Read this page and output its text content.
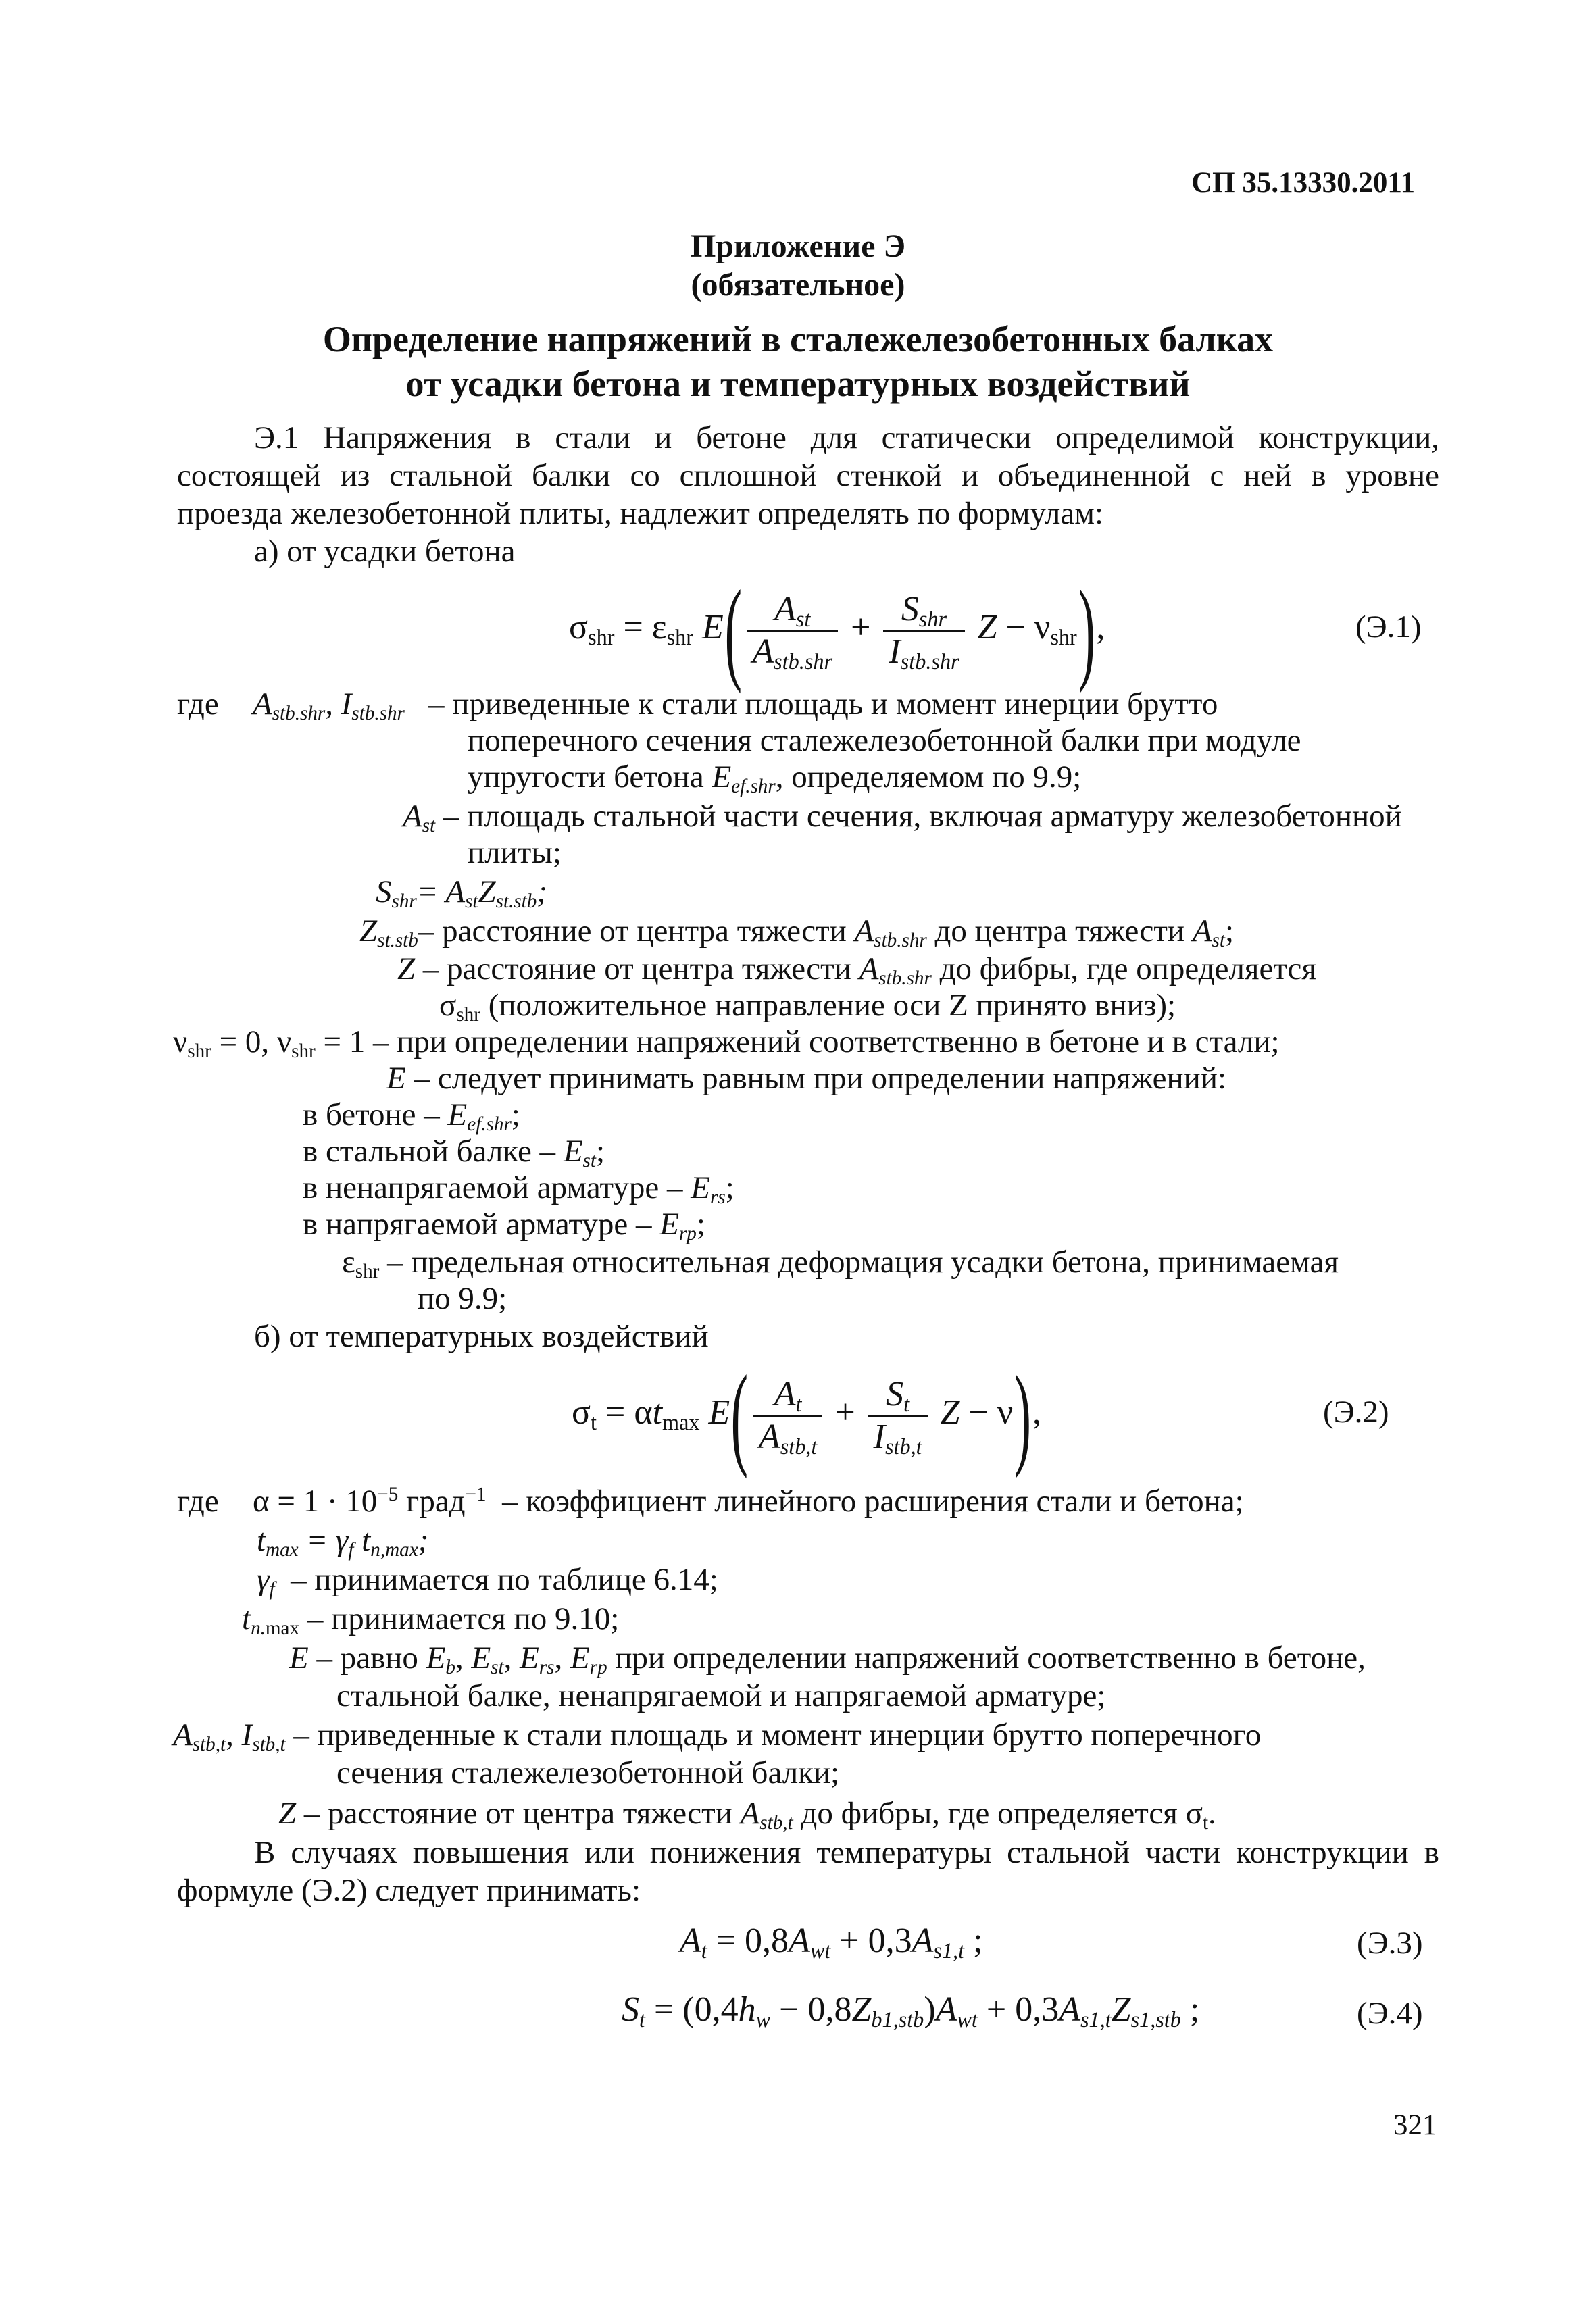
СП 35.13330.2011
Приложение Э
(обязательное)
Определение напряжений в сталежелезобетонных балках
от усадки бетона и температурных воздействий
Э.1 Напряжения в стали и бетоне для статически определимой конструкции,
состоящей из стальной балки со сплошной стенкой и объединенной с ней в уровне
проезда железобетонной плиты, надлежит определять по формулам:
а) от усадки бетона
$\sigma_{shr} = \varepsilon_{shr}$ $E( \frac{A_{st}}{A_{stb.shr}} + \frac{S_{shr}}{I_{stb.shr}}$ $Z - \nu_{shr}$),	(Э.1)
где $A_{stb.shr}$, $I_{stb.shr}$ – приведенные к стали площадь и момент инерции брутто
поперечного сечения сталежелезобетонной балки при модуле
упругости бетона $E_{ef.shr}$, определяемом по 9.9;
$A_{st}$ – площадь стальной части сечения, включая арматуру железобетонной
плиты;
$S_{shr}= A_{st}Z_{st.stb}$;
$Z_{st.stb}-$ расстояние от центра тяжести $A_{stb.shr}$ до центра тяжести $A_{st}$;
Z – расстояние от центра тяжести $A_{stb.shr}$ до фибры, где определяется
$\sigma_{shr}$ (положительное направление оси Z принято вниз);
$\nu_{shr} = 0$, $\nu_{shr} = 1$ – при определении напряжений соответственно в бетоне и в стали;
E – следует принимать равным при определении напряжений:
в бетоне – $E_{ef.shr}$;
в стальной балке – $E_{st}$;
в ненапрягаемой арматуре – $E_{rs}$;
в напрягаемой арматуре – $E_{rp}$;
$\varepsilon_{shr}$ – предельная относительная деформация усадки бетона, принимаемая
по 9.9;
б) от температурных воздействий
$\sigma_t = \alpha t_{max}$ $E( \frac{A_t}{A_{stb,t}} + \frac{S_t}{I_{stb,t}}$ Z − ν),	(Э.2)
где $\alpha = 1 \cdot 10^{-5}$ град$^{-1}$ – коэффициент линейного расширения стали и бетона;
$t_{max} = \gamma_f$ $t_{n,max}$;
$\gamma_f$ – принимается по таблице 6.14;
$t_{n.max}$ – принимается по 9.10;
E – равно $E_b$, $E_{st}$, $E_{rs}$, $E_{rp}$ при определении напряжений соответственно в бетоне,
стальной балке, ненапрягаемой и напрягаемой арматуре;
$A_{stb,t}$, $I_{stb,t}$ – приведенные к стали площадь и момент инерции брутто поперечного
сечения сталежелезобетонной балки;
Z – расстояние от центра тяжести $A_{stb,t}$ до фибры, где определяется $\sigma_t$.
В случаях повышения или понижения температуры стальной части конструкции в
формуле (Э.2) следует принимать:
$A_t = 0,8A_{wt} + 0,3A_{s1,t}$ ;	(Э.3)
$S_t = (0,4h_w - 0,8Z_{b1,stb})A_{wt} + 0,3A_{s1,t}Z_{s1,stb}$ ;	(Э.4)
321
